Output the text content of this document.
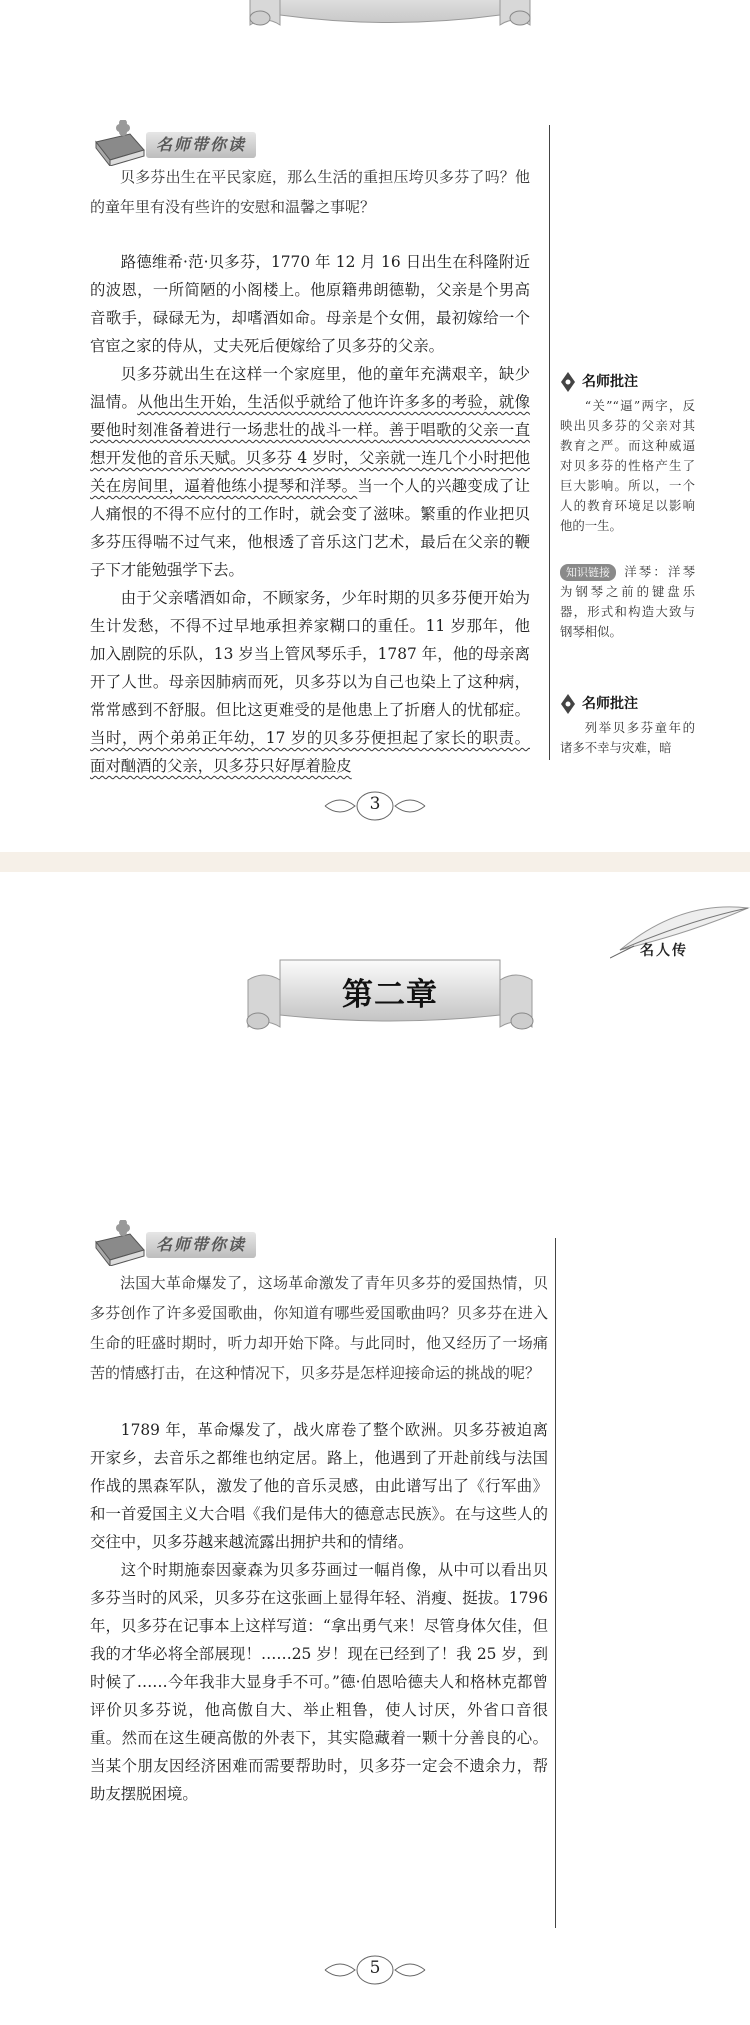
名师带你读

贝多芬出生在平民家庭，那么生活的重担压垮贝多芬了吗？他的童年里有没有些许的安慰和温馨之事呢？

路德维希·范·贝多芬，1770 年 12 月 16 日出生在科隆附近的波恩，一所简陋的小阁楼上。他原籍弗朗德勒，父亲是个男高音歌手，碌碌无为，却嗜酒如命。母亲是个女佣，最初嫁给一个官宦之家的侍从，丈夫死后便嫁给了贝多芬的父亲。

贝多芬就出生在这样一个家庭里，他的童年充满艰辛，缺少温情。从他出生开始，生活似乎就给了他许许多多的考验，就像要他时刻准备着进行一场悲壮的战斗一样。善于唱歌的父亲一直想开发他的音乐天赋。贝多芬 4 岁时，父亲就一连几个小时把他关在房间里，逼着他练小提琴和洋琴。当一个人的兴趣变成了让人痛恨的不得不应付的工作时，就会变了滋味。繁重的作业把贝多芬压得喘不过气来，他根透了音乐这门艺术，最后在父亲的鞭子下才能勉强学下去。

由于父亲嗜酒如命，不顾家务，少年时期的贝多芬便开始为生计发愁，不得不过早地承担养家糊口的重任。11 岁那年，他加入剧院的乐队，13 岁当上管风琴乐手，1787 年，他的母亲离开了人世。母亲因肺病而死，贝多芬以为自己也染上了这种病，常常感到不舒服。但比这更难受的是他患上了折磨人的忧郁症。当时，两个弟弟正年幼，17 岁的贝多芬便担起了家长的职责。面对酗酒的父亲，贝多芬只好厚着脸皮

名师批注

“关”“逼”两字，反映出贝多芬的父亲对其教育之严。而这种威逼对贝多芬的性格产生了巨大影响。所以，一个人的教育环境足以影响他的一生。

知识链接 洋琴：洋琴为钢琴之前的键盘乐器，形式和构造大致与钢琴相似。

名师批注

列举贝多芬童年的诸多不幸与灾难，暗

3
名人传
第二章
名师带你读

法国大革命爆发了，这场革命激发了青年贝多芬的爱国热情，贝多芬创作了许多爱国歌曲，你知道有哪些爱国歌曲吗？贝多芬在进入生命的旺盛时期时，听力却开始下降。与此同时，他又经历了一场痛苦的情感打击，在这种情况下，贝多芬是怎样迎接命运的挑战的呢？

1789 年，革命爆发了，战火席卷了整个欧洲。贝多芬被迫离开家乡，去音乐之都维也纳定居。路上，他遇到了开赴前线与法国作战的黑森军队，激发了他的音乐灵感，由此谱写出了《行军曲》和一首爱国主义大合唱《我们是伟大的德意志民族》。在与这些人的交往中，贝多芬越来越流露出拥护共和的情绪。

这个时期施泰因豪森为贝多芬画过一幅肖像，从中可以看出贝多芬当时的风采，贝多芬在这张画上显得年轻、消瘦、挺拔。1796 年，贝多芬在记事本上这样写道：“拿出勇气来！尽管身体欠佳，但我的才华必将全部展现！……25 岁！现在已经到了！我 25 岁，到时候了……今年我非大显身手不可。”德·伯恩哈德夫人和格林克都曾评价贝多芬说，他高傲自大、举止粗鲁，使人讨厌，外省口音很重。然而在这生硬高傲的外表下，其实隐藏着一颗十分善良的心。当某个朋友因经济困难而需要帮助时，贝多芬一定会不遗余力，帮助友摆脱困境。

5
